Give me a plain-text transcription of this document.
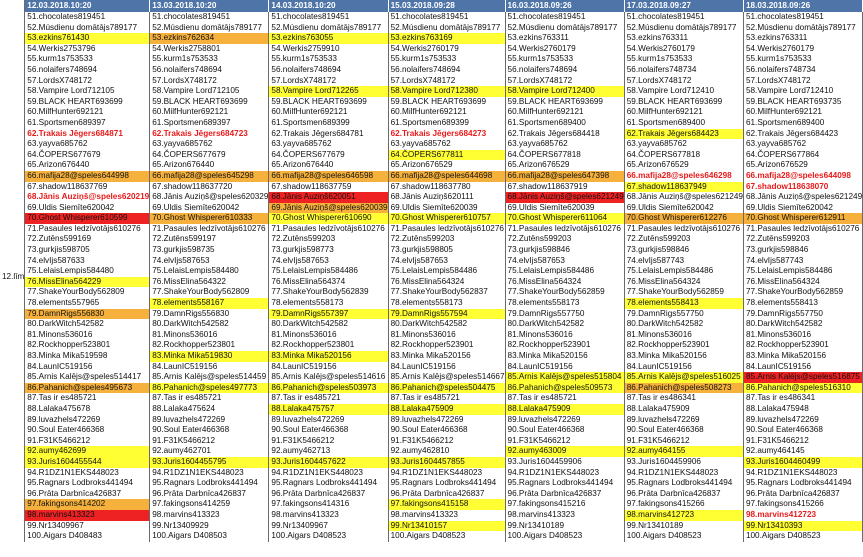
	12.03.2018.10:20	13.03.2018.10:20	14.03.2018.10:20	15.03.2018.09:28	16.03.2018.09:26	17.03.2018.09:27	18.03.2018.09:26
12.līm	51.chocolates819451	51.chocolates819451	51.chocolates819451	51.chocolates819451	51.chocolates819451	51.chocolates819451	51.chocolates819451
	52.Músdienu domātājs789177	52.Músdienu domātājs789177	52.Músdienu domātājs789177	52.Músdienu domātājs789177	52.Músdienu domātājs789177	52.Músdienu domātājs789177	52.Músdienu domātājs789177
	53.ezkins761430	53.ezkins762634	53.ezkins763055	53.ezkins763169	53.ezkins763311	53.ezkins763311	53.ezkins763311
	54.Werkis2753796	54.Werkis2758801	54.Werkis2759910	54.Werkis2760179	54.Werkis2760179	54.Werkis2760179	54.Werkis2760179
	55.kurm1s753533	55.kurm1s753533	55.kurm1s753533	55.kurm1s753533	55.kurm1s753533	55.kurm1s753533	55.kurm1s753533
	56.nolaifers748694	56.nolaifers748694	56.nolaifers748694	56.nolaifers748694	56.nolaifers748694	56.nolaifers748734	56.nolaifers748734
	57.LordsX748172	57.LordsX748172	57.LordsX748172	57.LordsX748172	57.LordsX748172	57.LordsX748172	57.LordsX748172
	58.Vampire Lord712105	58.Vampire Lord712105	58.Vampire Lord712265	58.Vampire Lord712380	58.Vampire Lord712400	58.Vampire Lord712410	58.Vampire Lord712410
	59.BLACK HEART693699	59.BLACK HEART693699	59.BLACK HEART693699	59.BLACK HEART693699	59.BLACK HEART693699	59.BLACK HEART693699	59.BLACK HEART693735
	60.MilfHunter692121	60.MilfHunter692121	60.MilfHunter692121	60.MilfHunter692121	60.MilfHunter692121	60.MilfHunter692121	60.MilfHunter692121
	61.Sportsmen689397	61.Sportsmen689397	61.Sportsmen689399	61.Sportsmen689399	61.Sportsmen689400	61.Sportsmen689400	61.Sportsmen689400
	62.Trakais Jēgers684871	62.Trakais Jēgers684723	62.Trakais Jēgers684781	62.Trakais Jēgers684273	62.Trakais Jēgers684418	62.Trakais Jēgers684423	62.Trakais Jēgers684423
	63.yayva685762	63.yayva685762	63.yayva685762	63.yayva685762	63.yayva685762	63.yayva685762	63.yayva685762
	64.ČOPERS677679	64.ČOPERS677679	64.ČOPERS677679	64.ČOPERS677811	64.ČOPERS677818	64.ČOPERS677818	64.ČOPERS677864
	65.Arizon676440	65.Arizon676440	65.Arizon676440	65.Arizon676529	65.Arizon676529	65.Arizon676529	65.Arizon676529
	66.mafija28@speles644998	66.mafija28@speles645298	66.mafija28@speles646598	66.mafija28@speles644698	66.mafija28@speles647398	66.mafija28@speles646298	66.mafija28@speles644098
	67.shadow118637769	67.shadow118637720	67.shadow118637759	67.shadow118637780	67.shadow118637919	67.shadow118637949	67.shadow118638070
	68.Jānis Auziņš@speles620219	68.Jānis Auziņš@speles620329	68.Jānis Auziņš620051	68.Jānis Auziņš620111	68.Jānis Auziņš@speles621249	68.Jānis Auziņš@speles621249	68.Jānis Auziņš@speles621249
	69.Uldis Siemīte620042	69.Uldis Siemīte620042	69.Jānis Auziņš@speles620039	69.Uldis Siemīte620039	69.Uldis Siemīte620039	69.Uldis Siemīte620042	69.Uldis Siemīte620042
	70.Ghost Whisperer610599	70.Ghost Whisperer610333	70.Ghost Whisperer610690	70.Ghost Whisperer610757	70.Ghost Whisperer611064	70.Ghost Whisperer612276	70.Ghost Whisperer612911
	71.Pasaules ledzīvotājs610276	71.Pasaules ledzīvotājs610276	71.Pasaules ledzīvotājs610276	71.Pasaules ledzīvotājs610276	71.Pasaules ledzīvotājs610276	71.Pasaules ledzīvotājs610276	71.Pasaules ledzīvotājs610276
	72.Zutēns599169	72.Zutēns599197	72.Zutēns599203	72.Zutēns599203	72.Zutēns599203	72.Zutēns599203	72.Zutēns599203
	73.gurkjis598705	73.gurkjis598735	73.gurkjis598773	73.gurkjis598805	73.gurkjis598846	73.gurkjis598846	73.gurkjis598846
	74.elvIjs587633	74.elvIjs587653	74.elvIjs587653	74.elvIjs587653	74.elvIjs587653	74.elvIjs587743	74.elvIjs587743
	75.LelaisLempis584480	75.LelaisLempis584480	75.LelaisLempis584486	75.LelaisLempis584486	75.LelaisLempis584486	75.LelaisLempis584486	75.LelaisLempis584486
	76.MissElina564229	76.MissElina564322	76.MissElina564374	76.MissElina564324	76.MissElina564324	76.MissElina564324	76.MissElina564324
	77.ShakeYourBody562809	77.ShakeYourBody562809	77.ShakeYourBody562839	77.ShakeYourBody562837	77.ShakeYourBody562859	77.ShakeYourBody562859	77.ShakeYourBody562859
	78.elements557965	78.elements558167	78.elements558173	78.elements558173	78.elements558173	78.elements558413	78.elements558413
	79.DamnRigs556830	79.DamnRigs556830	79.DamnRigs557397	79.DamnRigs557594	79.DamnRigs557750	79.DamnRigs557750	79.DamnRigs557750
	80.DarkWitch542582	80.DarkWitch542582	80.DarkWitch542582	80.DarkWitch542582	80.DarkWitch542582	80.DarkWitch542582	80.DarkWitch542582
	81.Minons536016	81.Minons536016	81.Minons536016	81.Minons536016	81.Minons536016	81.Minons536016	81.Minons536016
	82.Rockhopper523801	82.Rockhopper523801	82.Rockhopper523801	82.Rockhopper523901	82.Rockhopper523901	82.Rockhopper523901	82.Rockhopper523901
	83.Minka Mika519598	83.Minka Mika519830	83.Minka Mika520156	83.Minka Mika520156	83.Minka Mika520156	83.Minka Mika520156	83.Minka Mika520156
	84.LaunIC519156	84.LaunIC519156	84.LaunIC519156	84.LaunIC519156	84.LaunIC519156	84.LaunIC519156	84.LaunIC519156
	85.Arnis Kalējs@speles514417	85.Arnis Kalējs@speles514459	85.Arnis Kalējs@speles514616	85.Arnis Kalējs@speles514667	85.Arnis Kalējs@speles515804	85.Arnis Kalējs@speles516025	85.Arnis Kalējs@speles516875
	86.Pahanich@speles495673	86.Pahanich@speles497773	86.Pahanich@speles503973	86.Pahanich@speles504475	86.Pahanich@speles509573	86.Pahanich@speles508273	86.Pahanich@speles516310
	87.Tas ir es485721	87.Tas ir es485721	87.Tas ir es485721	87.Tas ir es485721	87.Tas ir es485721	87.Tas ir es486341	87.Tas ir es486341
	88.Lalaka475678	88.Lalaka475624	88.Lalaka475757	88.Lalaka475909	88.Lalaka475909	88.Lalaka475909	88.Lalaka475948
	89.luvazhels472269	89.luvazhels472269	89.luvazhels472269	89.luvazhels472269	89.luvazhels472269	89.luvazhels472269	89.luvazhels472269
	90.Soul Eater466368	90.Soul Eater466368	90.Soul Eater466368	90.Soul Eater466368	90.Soul Eater466368	90.Soul Eater466368	90.Soul Eater466368
	91.F31K5466212	91.F31K5466212	91.F31K5466212	91.F31K5466212	91.F31K5466212	91.F31K5466212	91.F31K5466212
	92.aumy462699	92.aumy462701	92.aumy462713	92.aumy462810	92.aumy463009	92.aumy464155	92.aumy464145
	93.Juris1604455544	93.Juris1604455795	93.Juris1604457622	93.Juris1604457855	93.Juris1604459906	93.Juris1604459906	93.Juris1604460499
	94.R1DZ1N1EKS448023	94.R1DZ1N1EKS448023	94.R1DZ1N1EKS448023	94.R1DZ1N1EKS448023	94.R1DZ1N1EKS448023	94.R1DZ1N1EKS448023	94.R1DZ1N1EKS448023
	95.Ragnars Lodbroks441494	95.Ragnars Lodbroks441494	95.Ragnars Lodbroks441494	95.Ragnars Lodbroks441494	95.Ragnars Lodbroks441494	95.Ragnars Lodbroks441494	95.Ragnars Lodbroks441494
	96.Prāta Darbnīca426837	96.Prāta Darbnīca426837	96.Prāta Darbnīca426837	96.Prāta Darbnīca426837	96.Prāta Darbnīca426837	96.Prāta Darbnīca426837	96.Prāta Darbnīca426837
	97.fakingsons414202	97.fakingsons414259	97.fakingsons414316	97.fakingsons415158	97.fakingsons415216	97.fakingsons415266	97.fakingsons415266
	98.marvins413323	98.marvins413323	98.marvins413323	98.marvins413323	98.marvins413323	98.marvins412723	98.marvins412723
	99.Nr13409967	99.Nr13409929	99.Nr13409967	99.Nr13410157	99.Nr13410189	99.Nr13410189	99.Nr13410393
	100.Aigars D408483	100.Aigars D408503	100.Aigars D408523	100.Aigars D408523	100.Aigars D408523	100.Aigars D408523	100.Aigars D408523
